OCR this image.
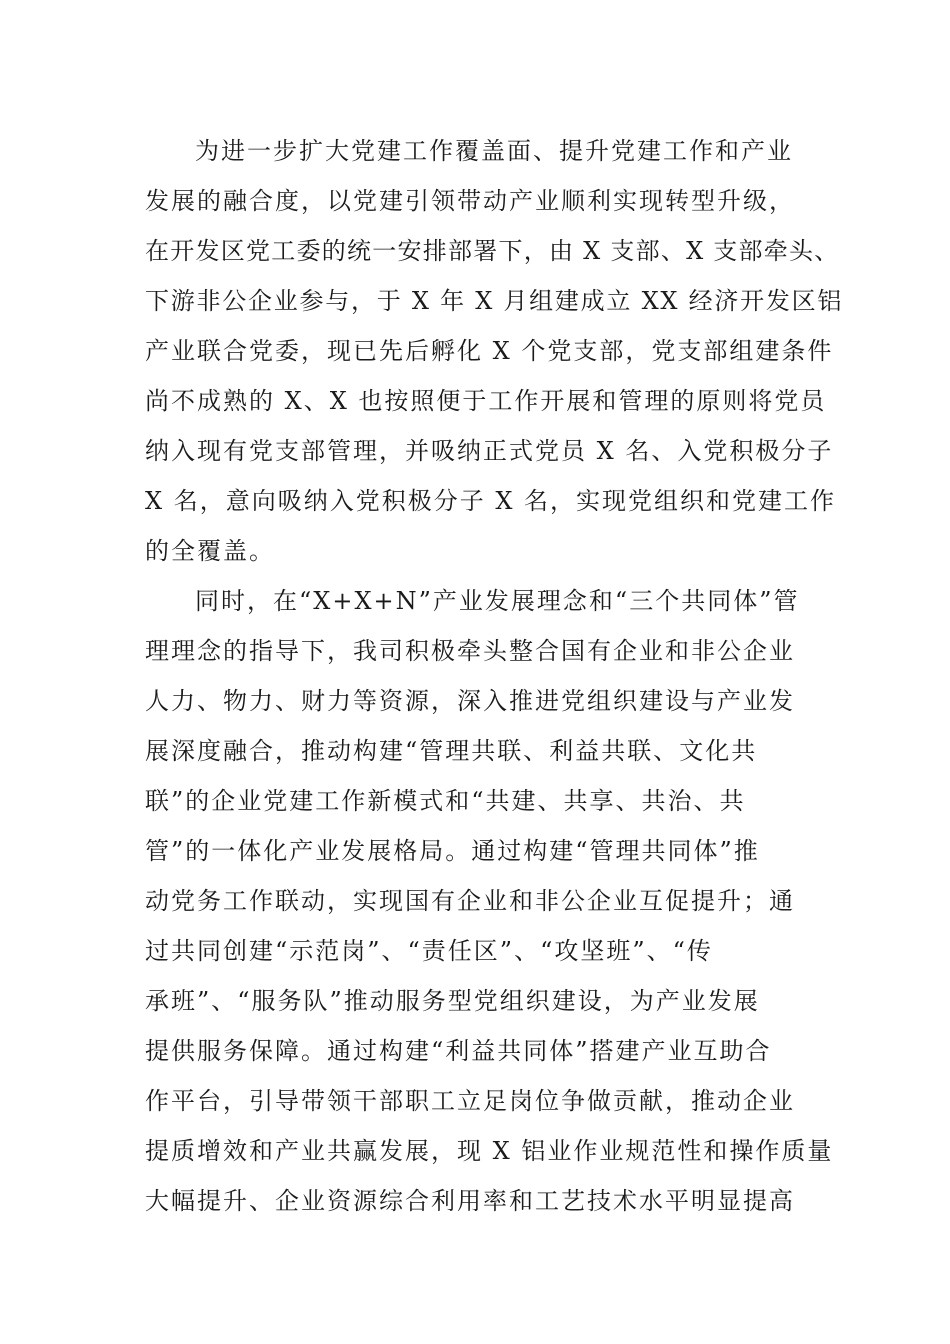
为进一步扩大党建工作覆盖面、提升党建工作和产业
发展的融合度，以党建引领带动产业顺利实现转型升级，
在开发区党工委的统一安排部署下，由 X 支部、X 支部牵头、
下游非公企业参与，于 X 年 X 月组建成立 XX 经济开发区铝
产业联合党委，现已先后孵化 X 个党支部，党支部组建条件
尚不成熟的 X、X 也按照便于工作开展和管理的原则将党员
纳入现有党支部管理，并吸纳正式党员 X 名、入党积极分子
X 名，意向吸纳入党积极分子 X 名，实现党组织和党建工作
的全覆盖。
同时，在“X+X+N”产业发展理念和“三个共同体”管
理理念的指导下，我司积极牵头整合国有企业和非公企业
人力、物力、财力等资源，深入推进党组织建设与产业发
展深度融合，推动构建“管理共联、利益共联、文化共
联”的企业党建工作新模式和“共建、共享、共治、共
管”的一体化产业发展格局。通过构建“管理共同体”推
动党务工作联动，实现国有企业和非公企业互促提升；通
过共同创建“示范岗”、“责任区”、“攻坚班”、“传
承班”、“服务队”推动服务型党组织建设，为产业发展
提供服务保障。通过构建“利益共同体”搭建产业互助合
作平台，引导带领干部职工立足岗位争做贡献，推动企业
提质增效和产业共赢发展，现 X 铝业作业规范性和操作质量
大幅提升、企业资源综合利用率和工艺技术水平明显提高
